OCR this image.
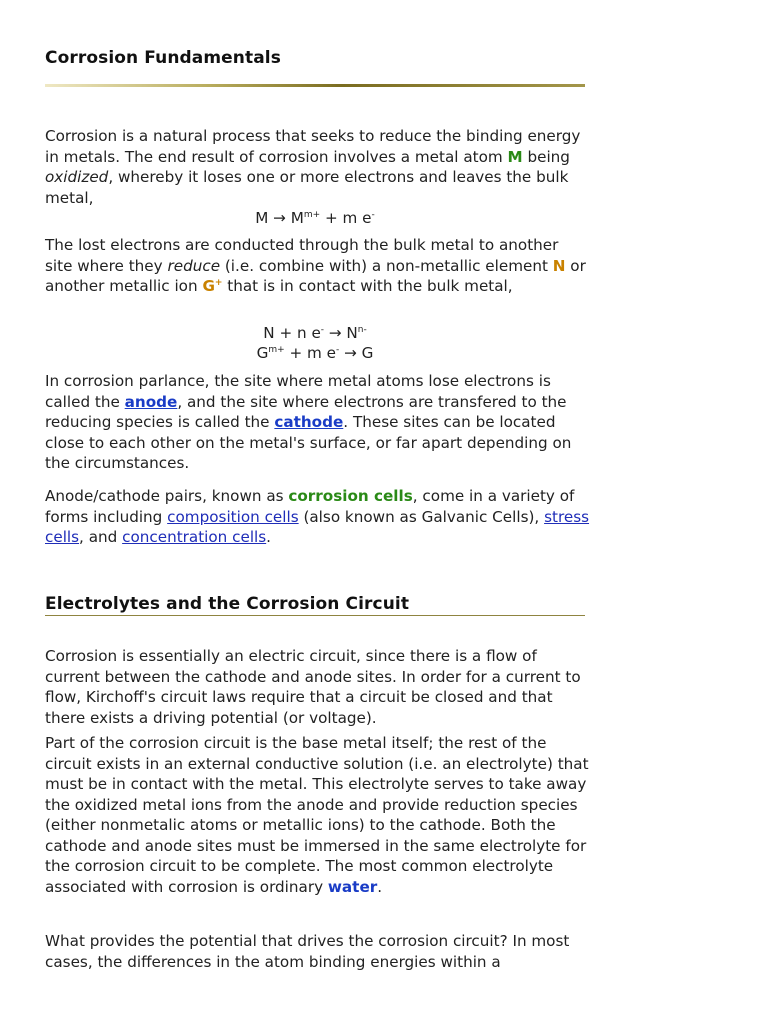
Corrosion Fundamentals

Corrosion is a natural process that seeks to reduce the binding energy in metals. The end result of corrosion involves a metal atom M being oxidized, whereby it loses one or more electrons and leaves the bulk metal,

$M \to M^{m+} + m$ e-

The lost electrons are conducted through the bulk metal to another site where they reduce (i.e. combine with) a non-metallic element N or another metallic ion G+ that is in contact with the bulk metal,

N + n $e^- \to N^{n-}$

$G^{m+} + m$ e- → G

In corrosion parlance, the site where metal atoms lose electrons is called the anode, and the site where electrons are transfered to the reducing species is called the cathode. These sites can be located close to each other on the metal's surface, or far apart depending on the circumstances.

Anode/cathode pairs, known as corrosion cells, come in a variety of forms including composition cells (also known as Galvanic Cells), stress cells, and concentration cells.

Electrolytes and the Corrosion Circuit

Corrosion is essentially an electric circuit, since there is a flow of current between the cathode and anode sites. In order for a current to flow, Kirchoff's circuit laws require that a circuit be closed and that there exists a driving potential (or voltage).

Part of the corrosion circuit is the base metal itself; the rest of the circuit exists in an external conductive solution (i.e. an electrolyte) that must be in contact with the metal. This electrolyte serves to take away the oxidized metal ions from the anode and provide reduction species (either nonmetalic atoms or metallic ions) to the cathode. Both the cathode and anode sites must be immersed in the same electrolyte for the corrosion circuit to be complete. The most common electrolyte associated with corrosion is ordinary water.

What provides the potential that drives the corrosion circuit? In most cases, the differences in the atom binding energies within a
